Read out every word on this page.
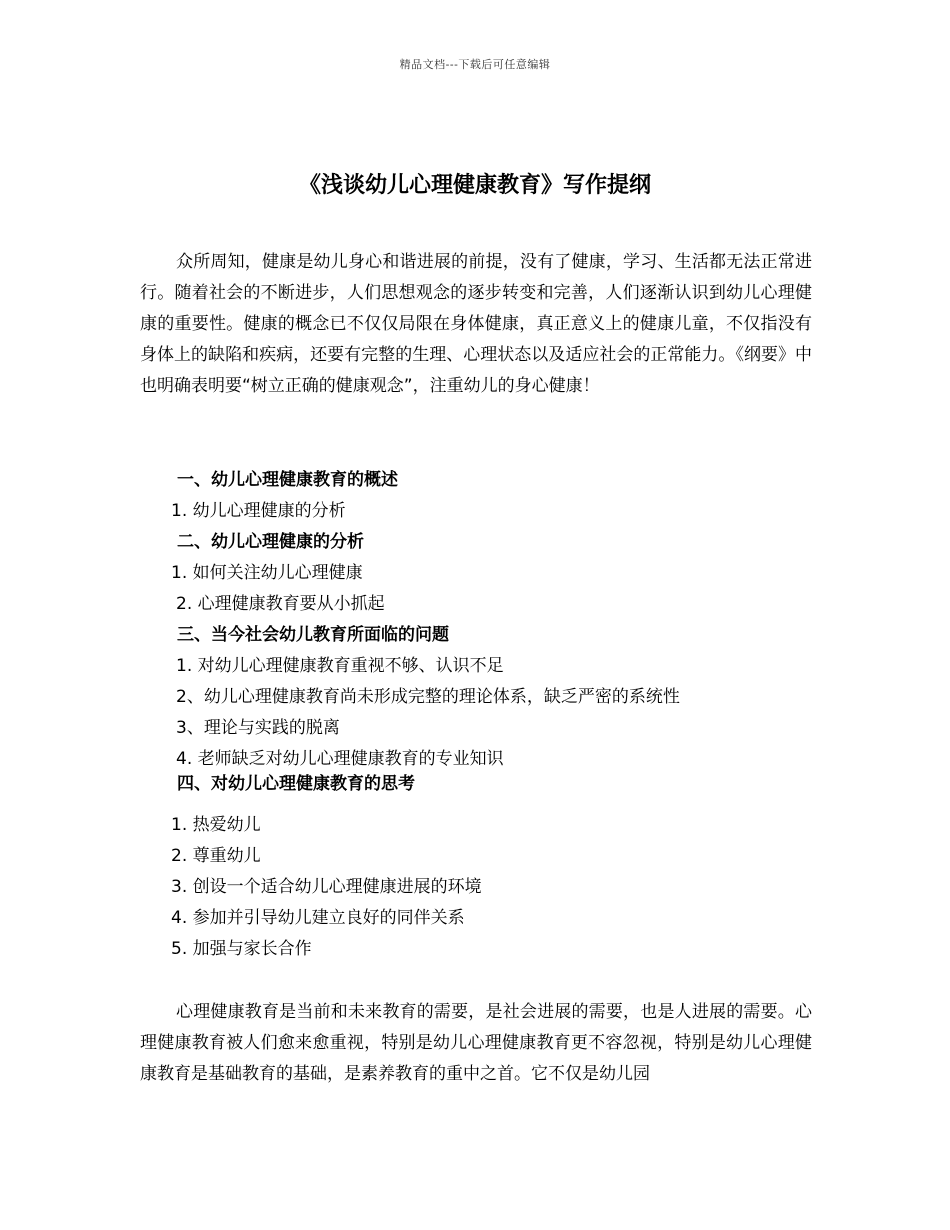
精品文档---下载后可任意编辑
《浅谈幼儿心理健康教育》写作提纲

众所周知，健康是幼儿身心和谐进展的前提，没有了健康，学习、生活都无法正常进行。随着社会的不断进步，人们思想观念的逐步转变和完善，人们逐渐认识到幼儿心理健康的重要性。健康的概念已不仅仅局限在身体健康，真正意义上的健康儿童，不仅指没有身体上的缺陷和疾病，还要有完整的生理、心理状态以及适应社会的正常能力。《纲要》中也明确表明要“树立正确的健康观念”，注重幼儿的身心健康！

一、幼儿心理健康教育的概述

1. 幼儿心理健康的分析

二、幼儿心理健康的分析

1. 如何关注幼儿心理健康

2. 心理健康教育要从小抓起

三、当今社会幼儿教育所面临的问题

1. 对幼儿心理健康教育重视不够、认识不足

2、幼儿心理健康教育尚未形成完整的理论体系，缺乏严密的系统性

3、理论与实践的脱离

4. 老师缺乏对幼儿心理健康教育的专业知识

四、对幼儿心理健康教育的思考

1. 热爱幼儿

2. 尊重幼儿

3. 创设一个适合幼儿心理健康进展的环境

4. 参加并引导幼儿建立良好的同伴关系

5. 加强与家长合作

心理健康教育是当前和未来教育的需要，是社会进展的需要，也是人进展的需要。心理健康教育被人们愈来愈重视，特别是幼儿心理健康教育更不容忽视，特别是幼儿心理健康教育是基础教育的基础，是素养教育的重中之首。它不仅是幼儿园
